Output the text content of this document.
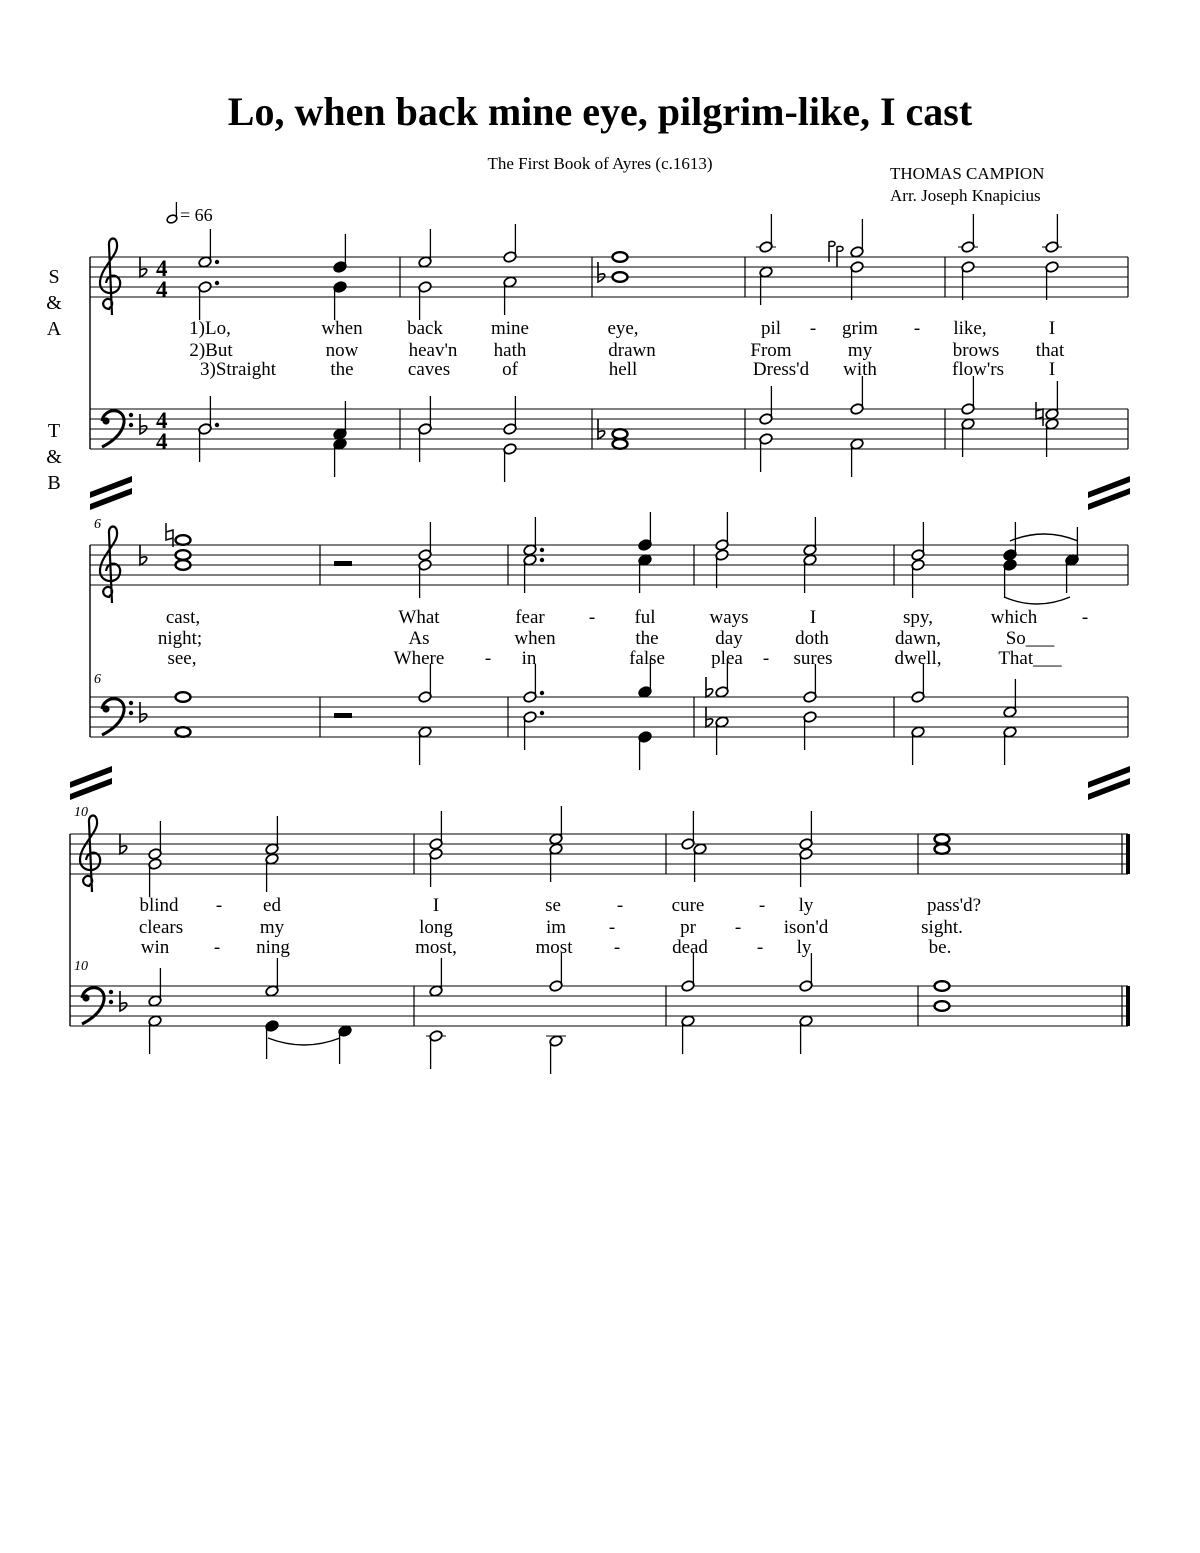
Lo, when back mine eye, pilgrim-like, I cast
The First Book of Ayres (c.1613)
THOMAS CAMPION
Arr. Joseph Knapicius
= 66
S
&
A
T
&
B
4
4
4
4
6
6
10
10
1)Lo,	when back	mine	eye,	pil - grim - like,	I
cast,	What	fear - ful	ways	I	spy,	which -
blind - ed	I	se	-	cure	- ly	pass'd?
2)But	now	heav'n hath	drawn	From	my	brows that
night;	As	when	the	day	doth	dawn,	So___
clears	my	long	im -	pr - ison'd	sight.
3)Straight	the	caves	of	hell	Dress'd with	flow'rs I
see,	Where - in	false plea - sures	dwell,	That___
win - ning	most,	most -	dead	- ly	be.
